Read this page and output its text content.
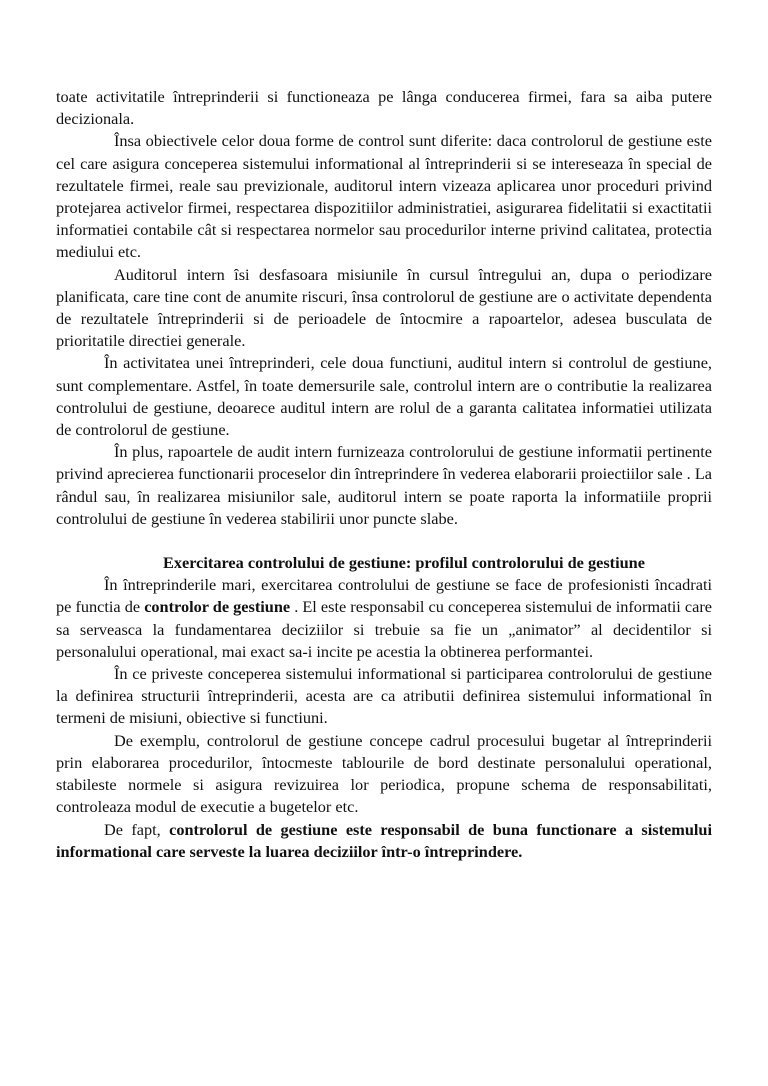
toate activitatile întreprinderii si functioneaza pe lânga conducerea firmei, fara sa aiba putere decizionala.

Însa obiectivele celor doua forme de control sunt diferite: daca controlorul de gestiune este cel care asigura conceperea sistemului informational al întreprinderii si se intereseaza în special de rezultatele firmei, reale sau previzionale, auditorul intern vizeaza aplicarea unor proceduri privind protejarea activelor firmei, respectarea dispozitiilor administratiei, asigurarea fidelitatii si exactitatii informatiei contabile cât si respectarea normelor sau procedurilor interne privind calitatea, protectia mediului etc.

Auditorul intern îsi desfasoara misiunile în cursul întregului an, dupa o periodizare planificata, care tine cont de anumite riscuri, însa controlorul de gestiune are o activitate dependenta de rezultatele întreprinderii si de perioadele de întocmire a rapoartelor, adesea busculata de prioritatile directiei generale.

În activitatea unei întreprinderi, cele doua functiuni, auditul intern si controlul de gestiune, sunt complementare. Astfel, în toate demersurile sale, controlul intern are o contributie la realizarea controlului de gestiune, deoarece auditul intern are rolul de a garanta calitatea informatiei utilizata de controlorul de gestiune.

În plus, rapoartele de audit intern furnizeaza controlorului de gestiune informatii pertinente privind aprecierea functionarii proceselor din întreprindere în vederea elaborarii proiectiilor sale . La rândul sau, în realizarea misiunilor sale, auditorul intern se poate raporta la informatiile proprii controlului de gestiune în vederea stabilirii unor puncte slabe.

Exercitarea controlului de gestiune: profilul controlorului de gestiune

În întreprinderile mari, exercitarea controlului de gestiune se face de profesionisti încadrati pe functia de controlor de gestiune . El este responsabil cu conceperea sistemului de informatii care sa serveasca la fundamentarea deciziilor si trebuie sa fie un „animator” al decidentilor si personalului operational, mai exact sa-i incite pe acestia la obtinerea performantei.

În ce priveste conceperea sistemului informational si participarea controlorului de gestiune la definirea structurii întreprinderii, acesta are ca atributii definirea sistemului informational în termeni de misiuni, obiective si functiuni.

De exemplu, controlorul de gestiune concepe cadrul procesului bugetar al întreprinderii prin elaborarea procedurilor, întocmeste tablourile de bord destinate personalului operational, stabileste normele si asigura revizuirea lor periodica, propune schema de responsabilitati, controleaza modul de executie a bugetelor etc.

De fapt, controlorul de gestiune este responsabil de buna functionare a sistemului informational care serveste la luarea deciziilor într-o întreprindere.
